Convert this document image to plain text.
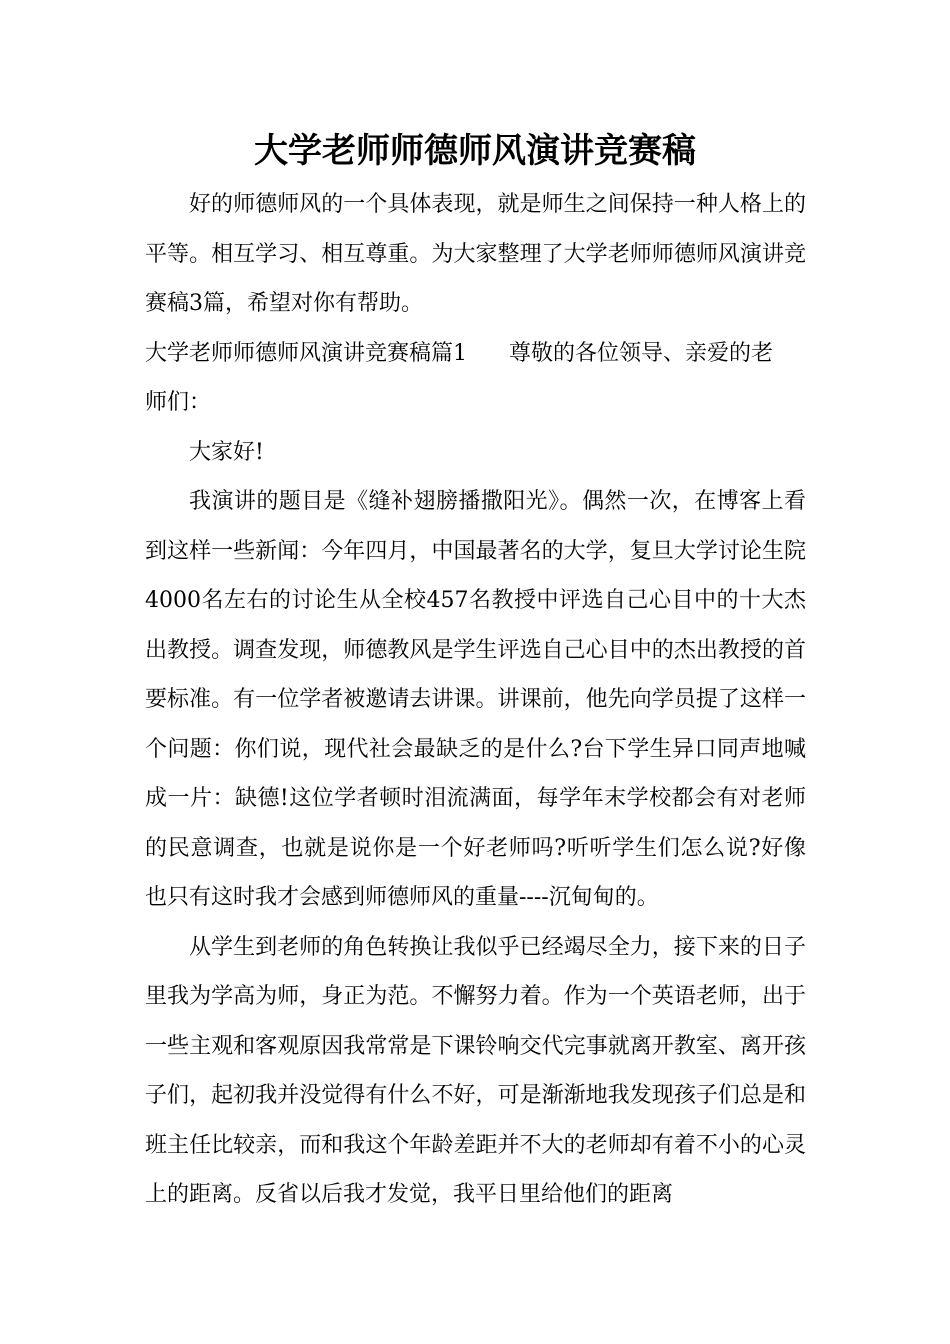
大学老师师德师风演讲竞赛稿

好的师德师风的一个具体表现，就是师生之间保持一种人格上的平等。相互学习、相互尊重。为大家整理了大学老师师德师风演讲竞赛稿3篇，希望对你有帮助。

大学老师师德师风演讲竞赛稿篇1 尊敬的各位领导、亲爱的老

师们：

大家好!

我演讲的题目是《缝补翅膀播撒阳光》。偶然一次，在博客上看到这样一些新闻：今年四月，中国最著名的大学，复旦大学讨论生院4000名左右的讨论生从全校457名教授中评选自己心目中的十大杰出教授。调查发现，师德教风是学生评选自己心目中的杰出教授的首要标准。有一位学者被邀请去讲课。讲课前，他先向学员提了这样一个问题：你们说，现代社会最缺乏的是什么?台下学生异口同声地喊成一片：缺德!这位学者顿时泪流满面，每学年末学校都会有对老师的民意调查，也就是说你是一个好老师吗?听听学生们怎么说?好像也只有这时我才会感到师德师风的重量----沉甸甸的。

从学生到老师的角色转换让我似乎已经竭尽全力，接下来的日子里我为学高为师，身正为范。不懈努力着。作为一个英语老师，出于一些主观和客观原因我常常是下课铃响交代完事就离开教室、离开孩子们，起初我并没觉得有什么不好，可是渐渐地我发现孩子们总是和班主任比较亲，而和我这个年龄差距并不大的老师却有着不小的心灵上的距离。反省以后我才发觉，我平日里给他们的距离
